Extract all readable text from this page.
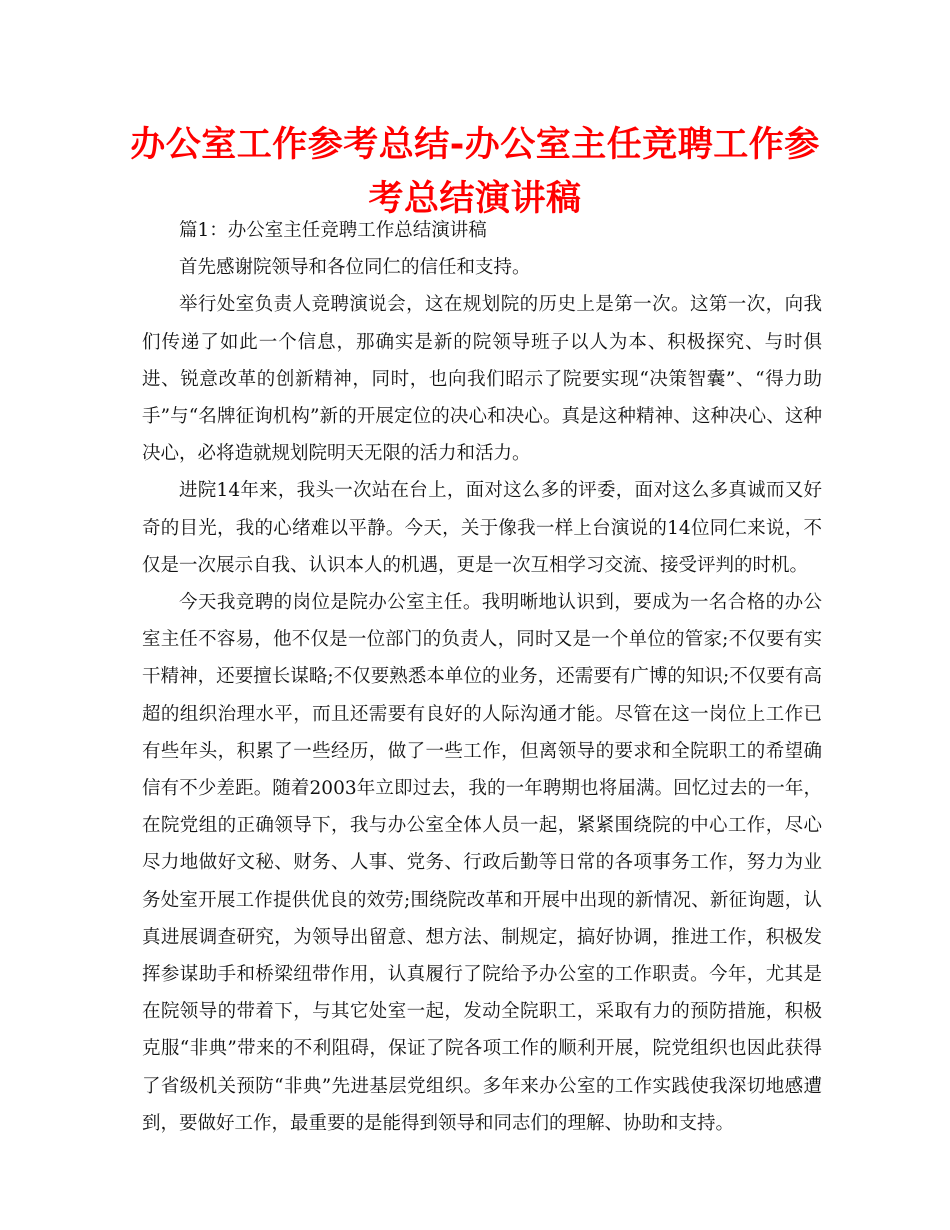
办公室工作参考总结-办公室主任竞聘工作参考总结演讲稿

篇1：办公室主任竞聘工作总结演讲稿

首先感谢院领导和各位同仁的信任和支持。

举行处室负责人竞聘演说会，这在规划院的历史上是第一次。这第一次，向我们传递了如此一个信息，那确实是新的院领导班子以人为本、积极探究、与时俱进、锐意改革的创新精神，同时，也向我们昭示了院要实现“决策智囊”、“得力助手”与“名牌征询机构”新的开展定位的决心和决心。真是这种精神、这种决心、这种决心，必将造就规划院明天无限的活力和活力。

进院14年来，我头一次站在台上，面对这么多的评委，面对这么多真诚而又好奇的目光，我的心绪难以平静。今天，关于像我一样上台演说的14位同仁来说，不仅是一次展示自我、认识本人的机遇，更是一次互相学习交流、接受评判的时机。

今天我竞聘的岗位是院办公室主任。我明晰地认识到，要成为一名合格的办公室主任不容易，他不仅是一位部门的负责人，同时又是一个单位的管家;不仅要有实干精神，还要擅长谋略;不仅要熟悉本单位的业务，还需要有广博的知识;不仅要有高超的组织治理水平，而且还需要有良好的人际沟通才能。尽管在这一岗位上工作已有些年头，积累了一些经历，做了一些工作，但离领导的要求和全院职工的希望确信有不少差距。随着2003年立即过去，我的一年聘期也将届满。回忆过去的一年，在院党组的正确领导下，我与办公室全体人员一起，紧紧围绕院的中心工作，尽心尽力地做好文秘、财务、人事、党务、行政后勤等日常的各项事务工作，努力为业务处室开展工作提供优良的效劳;围绕院改革和开展中出现的新情况、新征询题，认真进展调查研究，为领导出留意、想方法、制规定，搞好协调，推进工作，积极发挥参谋助手和桥梁纽带作用，认真履行了院给予办公室的工作职责。今年，尤其是在院领导的带着下，与其它处室一起，发动全院职工，采取有力的预防措施，积极克服“非典”带来的不利阻碍，保证了院各项工作的顺利开展，院党组织也因此获得了省级机关预防“非典”先进基层党组织。多年来办公室的工作实践使我深切地感遭到，要做好工作，最重要的是能得到领导和同志们的理解、协助和支持。
